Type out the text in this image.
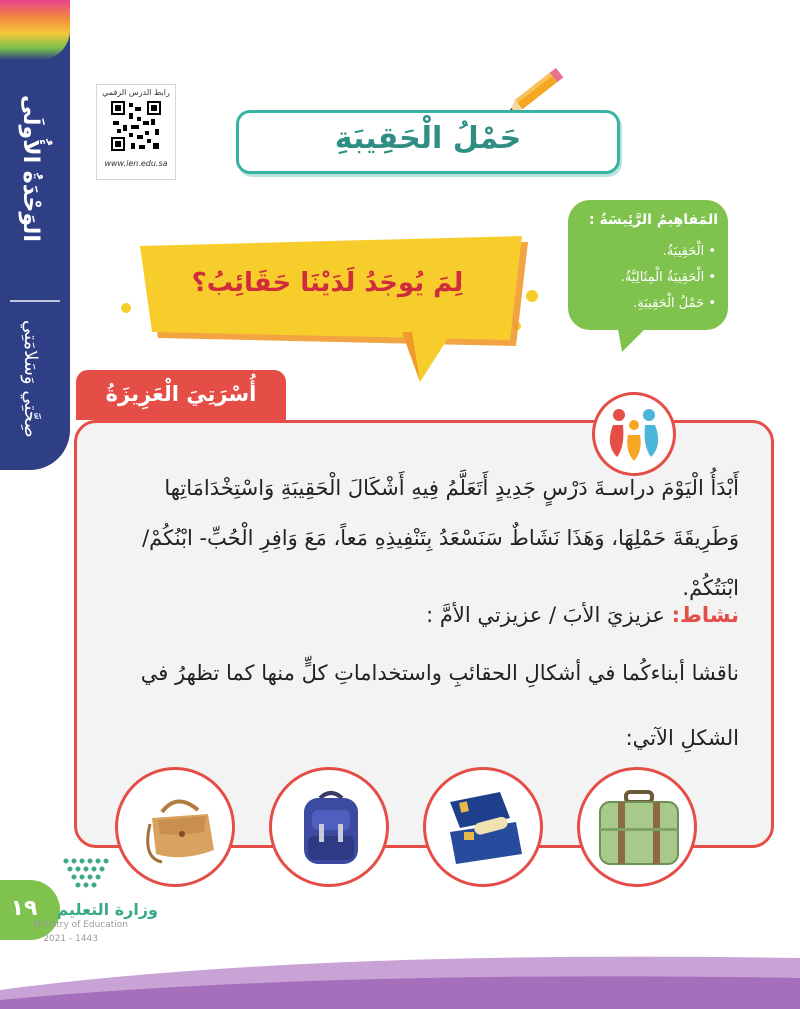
الوَحْدَةُ الأُولَى
صِحَّتِي وَسَلامَتِي
رابط الدرس الرقمي
www.ien.edu.sa
حَمْلُ الْحَقِيبَةِ
المَفاهِيمُ الرَّئِيسَةُ :
• الْحَقِيبَةُ.
• الْحَقِيبَةُ الْمِثَالِيَّةُ.
• حَمْلُ الْحَقِيبَةِ.
لِمَ يُوجَدُ لَدَيْنَا حَقَائِبُ؟
أُسْرَتِيَ الْعَزِيزَةُ
أَبْدَأُ الْيَوْمَ دراسـةَ دَرْسٍ جَدِيدٍ أَتَعَلَّمُ فِيهِ أَشْكَالَ الْحَقِيبَةِ وَاسْتِخْدَامَاتِها
وَطَرِيقَةَ حَمْلِهَا، وَهَذَا نَشَاطٌ سَنَسْعَدُ بِتَنْفِيذِهِ مَعاً، مَعَ وَافِرِ الْحُبِّ- ابْنُكُمْ/
ابْنَتُكُمْ.
نشاط: عزيزيَ الأبَ / عزيزتي الأمَّ :
ناقشا أبناءكُما في أشكالِ الحقائبِ واستخداماتِ كلٍّ منها كما تظهرُ في
الشكلِ الآتي:
١٩	وزارة التعليم
Ministry of Education
2021 - 1443
